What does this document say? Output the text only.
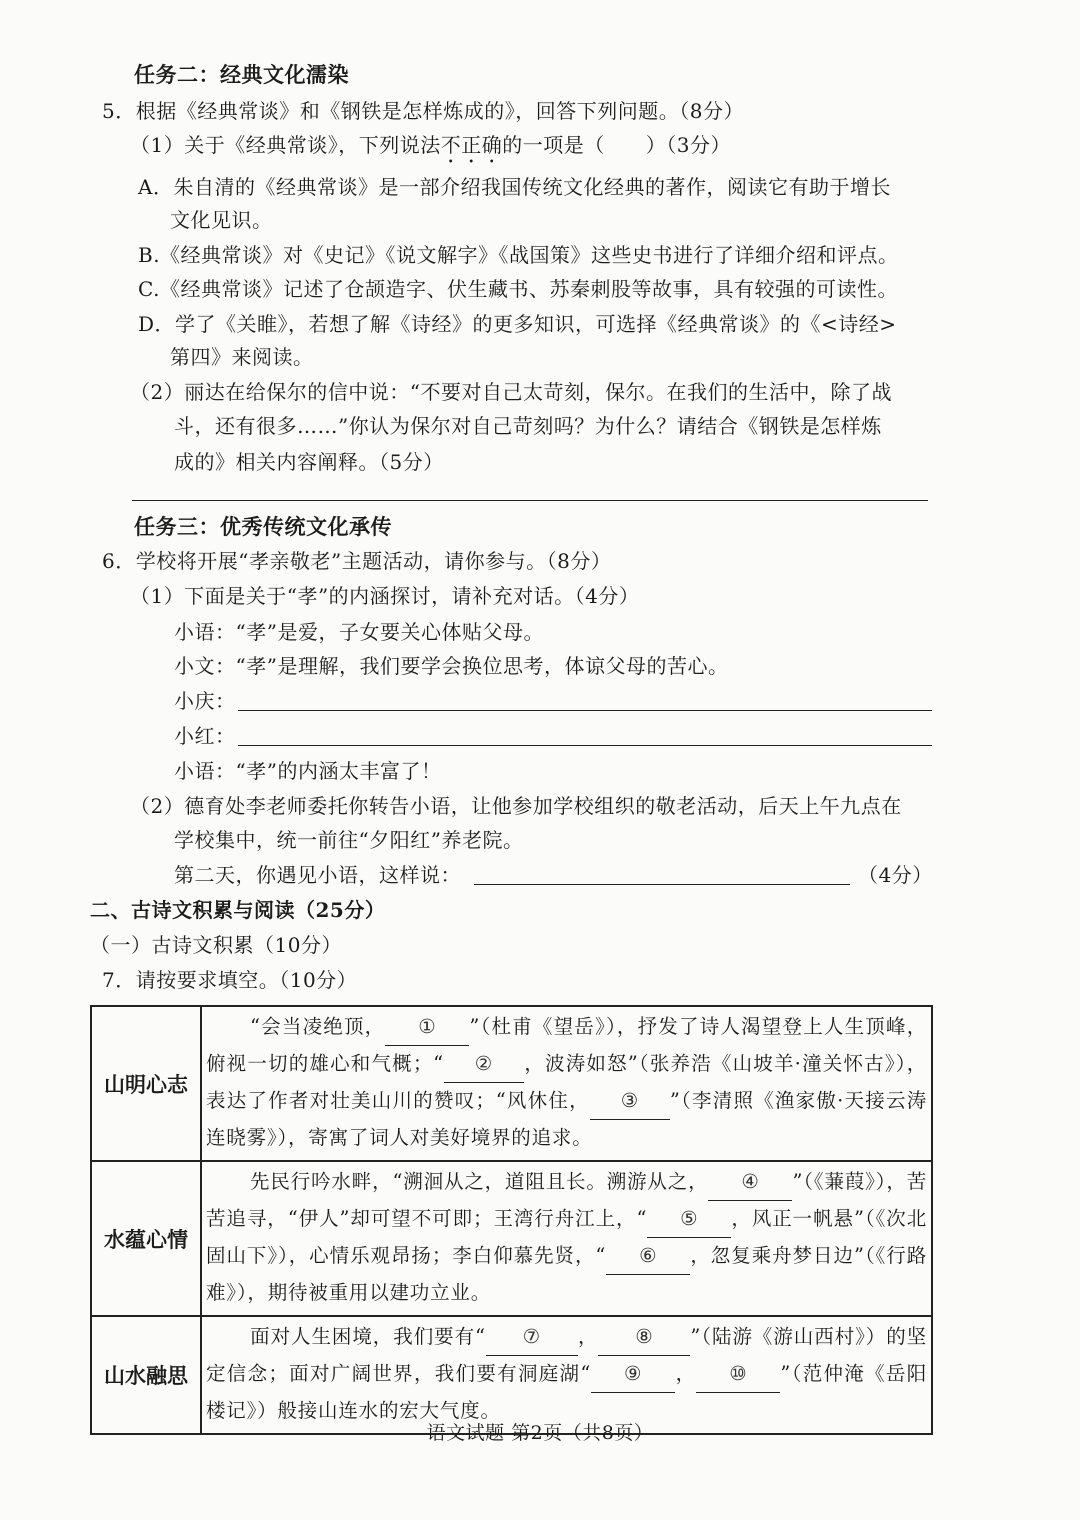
任务二：经典文化濡染
5．根据《经典常谈》和《钢铁是怎样炼成的》，回答下列问题。（8分）
（1）关于《经典常谈》，下列说法不正确的一项是（　　）（3分）
A．朱自清的《经典常谈》是一部介绍我国传统文化经典的著作，阅读它有助于增长
文化见识。
B.《经典常谈》对《史记》《说文解字》《战国策》这些史书进行了详细介绍和评点。
C.《经典常谈》记述了仓颉造字、伏生藏书、苏秦刺股等故事，具有较强的可读性。
D．学了《关睢》，若想了解《诗经》的更多知识，可选择《经典常谈》的《<诗经>
第四》来阅读。
（2）丽达在给保尔的信中说：“不要对自己太苛刻，保尔。在我们的生活中，除了战
斗，还有很多……”你认为保尔对自己苛刻吗？为什么？请结合《钢铁是怎样炼
成的》相关内容阐释。（5分）
任务三：优秀传统文化承传
6．学校将开展“孝亲敬老”主题活动，请你参与。（8分）
（1）下面是关于“孝”的内涵探讨，请补充对话。（4分）
小语：“孝”是爱，子女要关心体贴父母。
小文：“孝”是理解，我们要学会换位思考，体谅父母的苦心。
小庆：
小红：
小语：“孝”的内涵太丰富了！
（2）德育处李老师委托你转告小语，让他参加学校组织的敬老活动，后天上午九点在
学校集中，统一前往“夕阳红”养老院。
第二天，你遇见小语，这样说：	（4分）
二、古诗文积累与阅读（25分）
（一）古诗文积累（10分）
7．请按要求填空。（10分）
山明心志	“会当凌绝顶， ① ”（杜甫《望岳》），抒发了诗人渴望登上人生顶峰，俯视一切的雄心和气概；“ ② ，波涛如怒”（张养浩《山坡羊·潼关怀古》），表达了作者对壮美山川的赞叹；“风休住， ③ ”（李清照《渔家傲·天接云涛连晓雾》），寄寓了词人对美好境界的追求。
水蕴心情	先民行吟水畔，“溯洄从之，道阻且长。溯游从之， ④ ”（《蒹葭》），苦苦追寻，“伊人”却可望不可即；王湾行舟江上，“ ⑤ ，风正一帆悬”（《次北固山下》），心情乐观昂扬；李白仰慕先贤，“ ⑥ ，忽复乘舟梦日边”（《行路难》），期待被重用以建功立业。
山水融思	面对人生困境，我们要有“ ⑦ ， ⑧ ”（陆游《游山西村》）的坚定信念；面对广阔世界，我们要有洞庭湖“ ⑨ ， ⑩ ”（范仲淹《岳阳楼记》）般接山连水的宏大气度。
语文试题 第2页（共8页）
